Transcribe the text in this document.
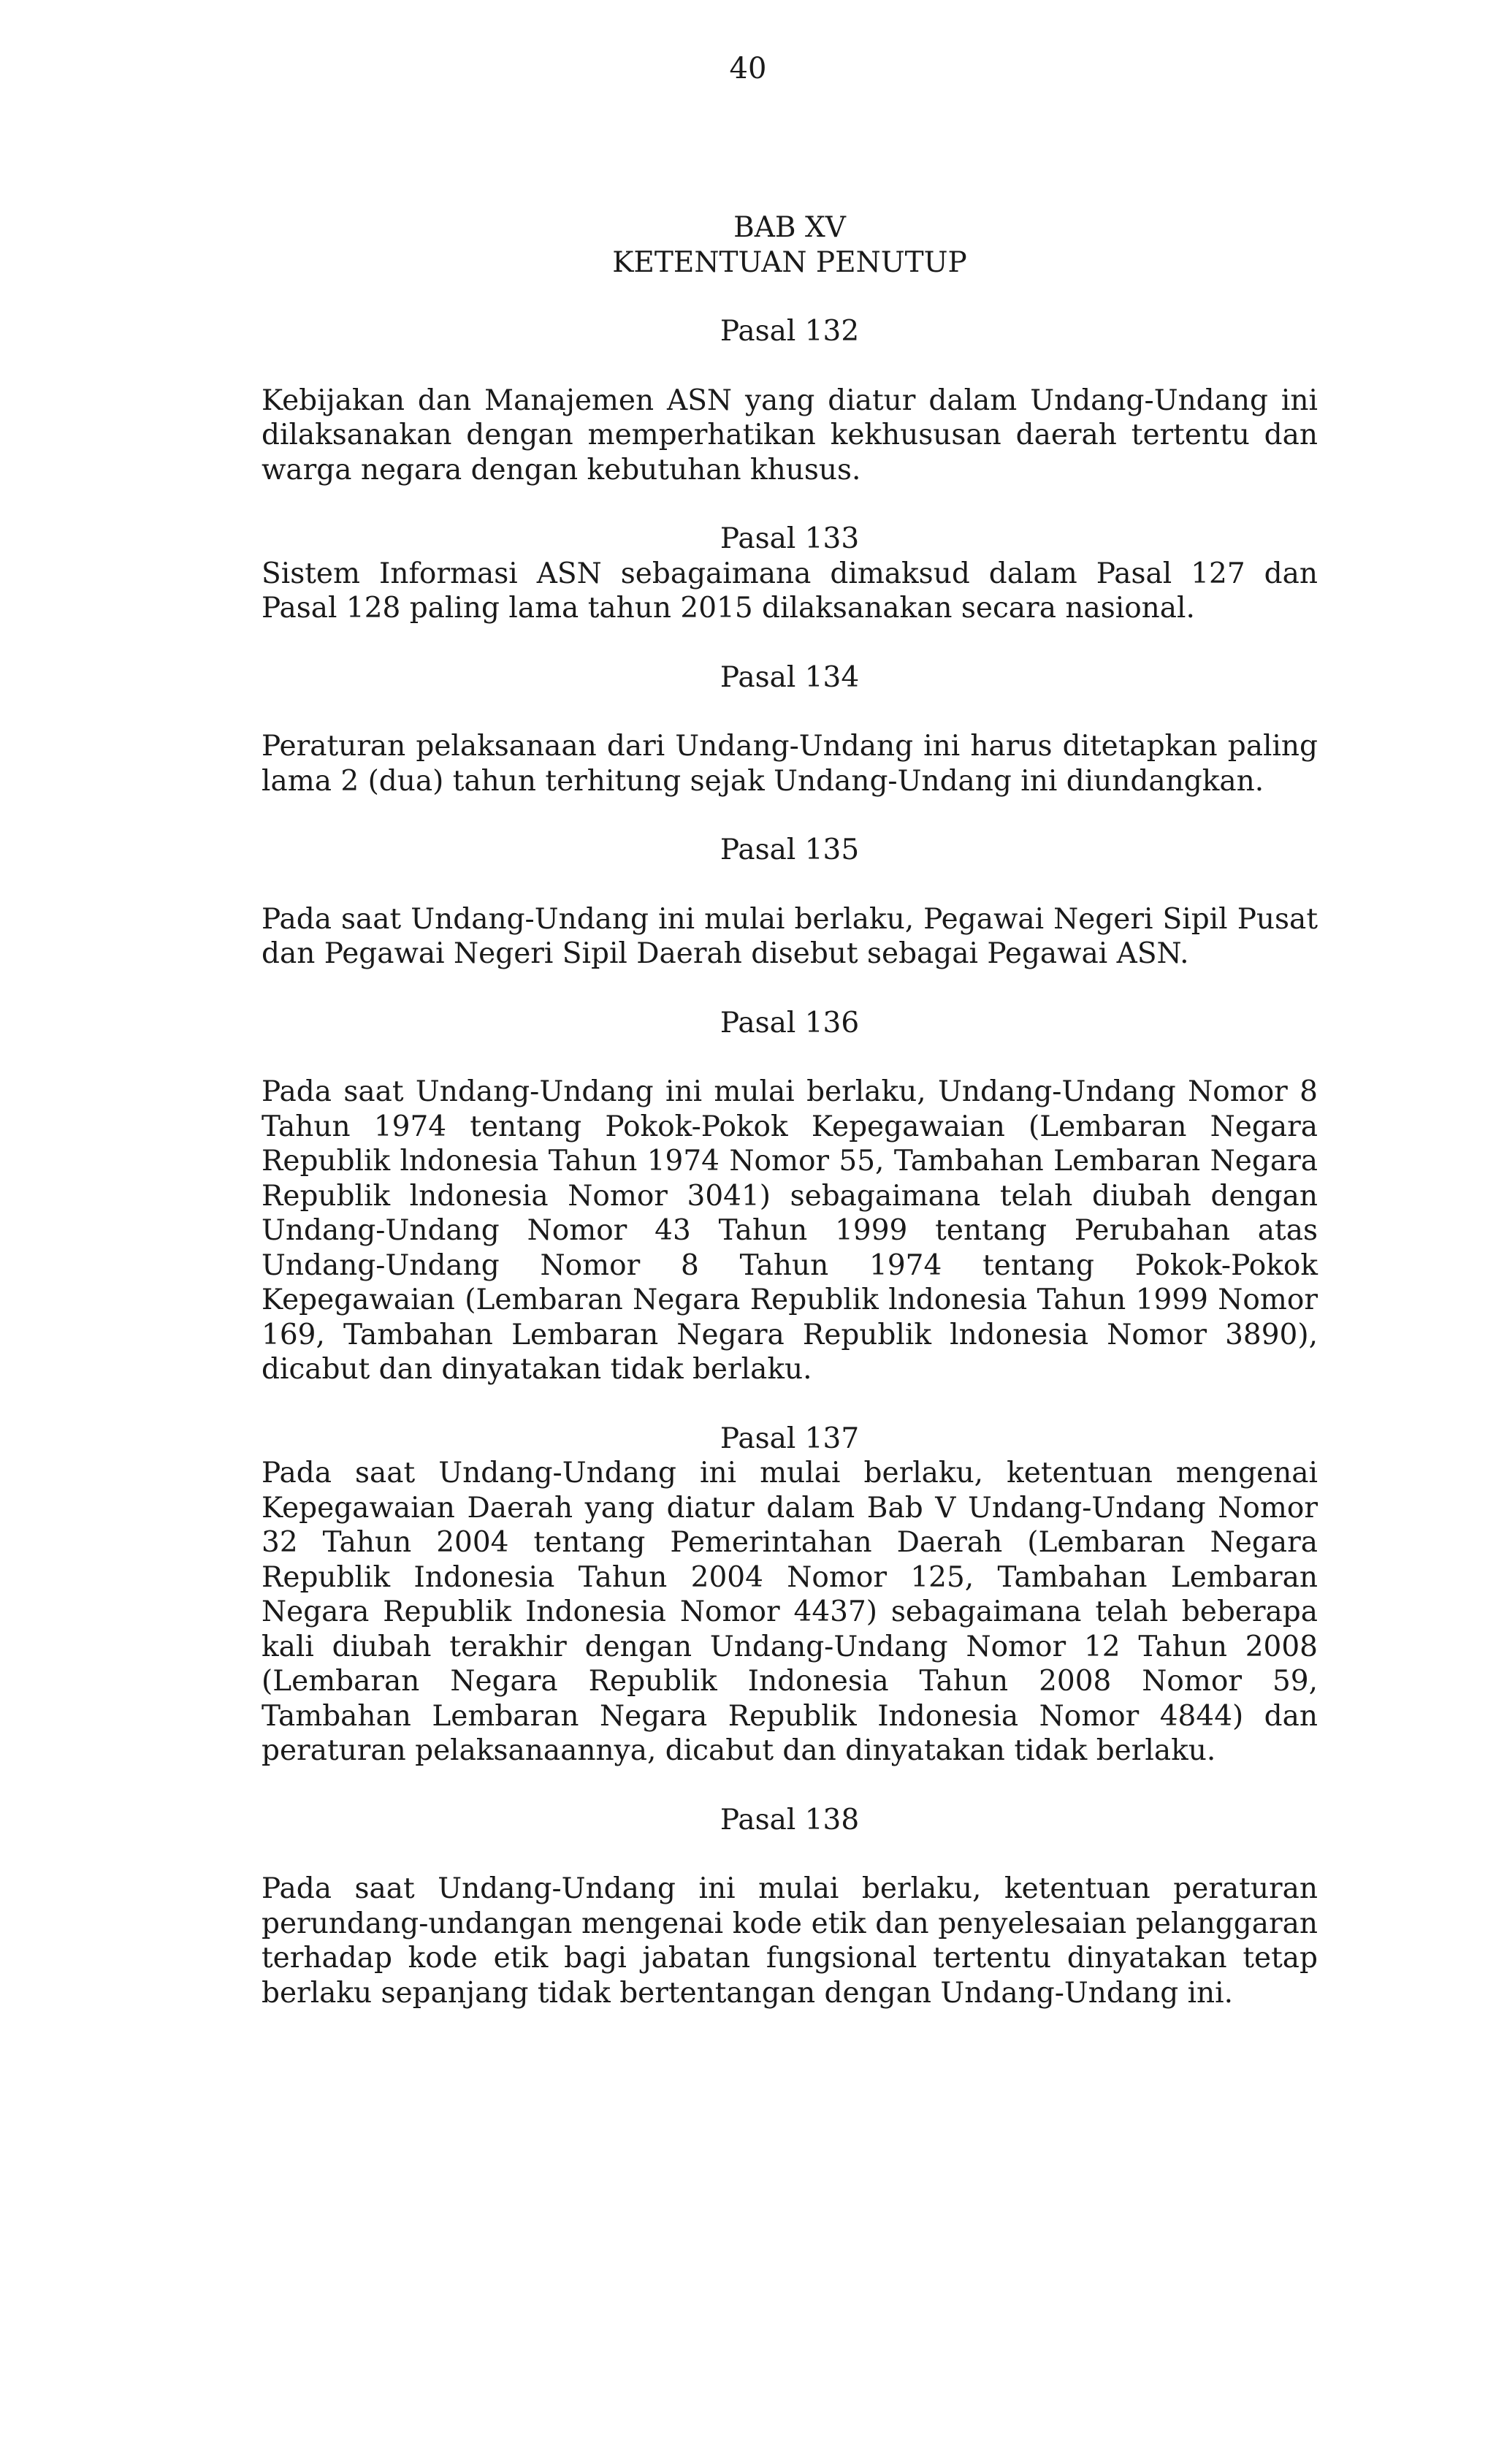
40
BAB XV
KETENTUAN PENUTUP
Pasal 132

Kebijakan dan Manajemen ASN yang diatur dalam Undang-Undang ini dilaksanakan dengan memperhatikan kekhususan daerah tertentu dan warga negara dengan kebutuhan khusus.

Pasal 133

Sistem Informasi ASN sebagaimana dimaksud dalam Pasal 127 dan Pasal 128 paling lama tahun 2015 dilaksanakan secara nasional.

Pasal 134

Peraturan pelaksanaan dari Undang-Undang ini harus ditetapkan paling lama 2 (dua) tahun terhitung sejak Undang-Undang ini diundangkan.

Pasal 135

Pada saat Undang-Undang ini mulai berlaku, Pegawai Negeri Sipil Pusat dan Pegawai Negeri Sipil Daerah disebut sebagai Pegawai ASN.

Pasal 136

Pada saat Undang-Undang ini mulai berlaku, Undang-Undang Nomor 8 Tahun 1974 tentang Pokok-Pokok Kepegawaian (Lembaran Negara Republik lndonesia Tahun 1974 Nomor 55, Tambahan Lembaran Negara Republik lndonesia Nomor 3041) sebagaimana telah diubah dengan Undang-Undang Nomor 43 Tahun 1999 tentang Perubahan atas Undang-Undang Nomor 8 Tahun 1974 tentang Pokok-Pokok Kepegawaian (Lembaran Negara Republik lndonesia Tahun 1999 Nomor 169, Tambahan Lembaran Negara Republik lndonesia Nomor 3890), dicabut dan dinyatakan tidak berlaku.

Pasal 137

Pada saat Undang-Undang ini mulai berlaku, ketentuan mengenai Kepegawaian Daerah yang diatur dalam Bab V Undang-Undang Nomor 32 Tahun 2004 tentang Pemerintahan Daerah (Lembaran Negara Republik Indonesia Tahun 2004 Nomor 125, Tambahan Lembaran Negara Republik Indonesia Nomor 4437) sebagaimana telah beberapa kali diubah terakhir dengan Undang-Undang Nomor 12 Tahun 2008 (Lembaran Negara Republik Indonesia Tahun 2008 Nomor 59, Tambahan Lembaran Negara Republik Indonesia Nomor 4844) dan peraturan pelaksanaannya, dicabut dan dinyatakan tidak berlaku.

Pasal 138

Pada saat Undang-Undang ini mulai berlaku, ketentuan peraturan perundang-undangan mengenai kode etik dan penyelesaian pelanggaran terhadap kode etik bagi jabatan fungsional tertentu dinyatakan tetap berlaku sepanjang tidak bertentangan dengan Undang-Undang ini.
